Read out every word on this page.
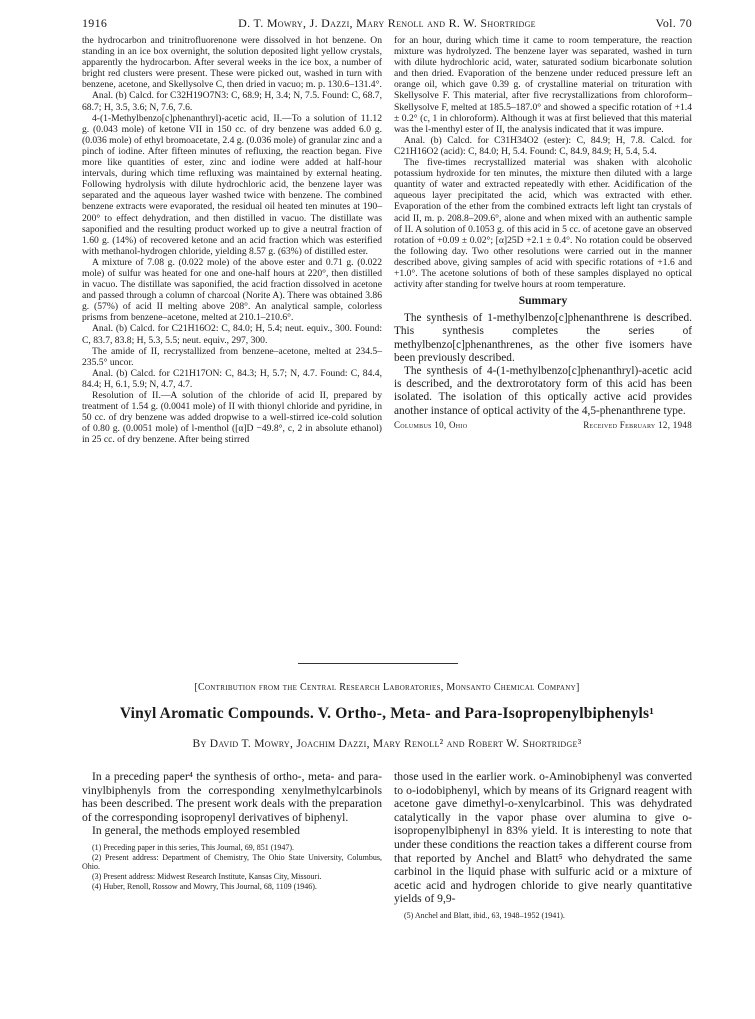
1916	D. T. Mowry, J. Dazzi, Mary Renoll and R. W. Shortridge	Vol. 70

the hydrocarbon and trinitrofluorenone were dissolved in hot benzene. On standing in an ice box overnight, the solution deposited light yellow crystals, apparently the hydrocarbon. After several weeks in the ice box, a number of bright red clusters were present. These were picked out, washed in turn with benzene, acetone, and Skellysolve C, then dried in vacuo; m. p. 130.6–131.4°.

Anal. (b) Calcd. for C32H19O7N3: C, 68.9; H, 3.4; N, 7.5. Found: C, 68.7, 68.7; H, 3.5, 3.6; N, 7.6, 7.6.

4-(1-Methylbenzo[c]phenanthryl)-acetic acid, II.—To a solution of 11.12 g. (0.043 mole) of ketone VII in 150 cc. of dry benzene was added 6.0 g. (0.036 mole) of ethyl bromoacetate, 2.4 g. (0.036 mole) of granular zinc and a pinch of iodine. After fifteen minutes of refluxing, the reaction began. Five more like quantities of ester, zinc and iodine were added at half-hour intervals, during which time refluxing was maintained by external heating. Following hydrolysis with dilute hydrochloric acid, the benzene layer was separated and the aqueous layer washed twice with benzene. The combined benzene extracts were evaporated, the residual oil heated ten minutes at 190–200° to effect dehydration, and then distilled in vacuo. The distillate was saponified and the resulting product worked up to give a neutral fraction of 1.60 g. (14%) of recovered ketone and an acid fraction which was esterified with methanol-hydrogen chloride, yielding 8.57 g. (63%) of distilled ester.

A mixture of 7.08 g. (0.022 mole) of the above ester and 0.71 g. (0.022 mole) of sulfur was heated for one and one-half hours at 220°, then distilled in vacuo. The distillate was saponified, the acid fraction dissolved in acetone and passed through a column of charcoal (Norite A). There was obtained 3.86 g. (57%) of acid II melting above 208°. An analytical sample, colorless prisms from benzene–acetone, melted at 210.1–210.6°.

Anal. (b) Calcd. for C21H16O2: C, 84.0; H, 5.4; neut. equiv., 300. Found: C, 83.7, 83.8; H, 5.3, 5.5; neut. equiv., 297, 300.

The amide of II, recrystallized from benzene–acetone, melted at 234.5–235.5° uncor.

Anal. (b) Calcd. for C21H17ON: C, 84.3; H, 5.7; N, 4.7. Found: C, 84.4, 84.4; H, 6.1, 5.9; N, 4.7, 4.7.

Resolution of II.—A solution of the chloride of acid II, prepared by treatment of 1.54 g. (0.0041 mole) of II with thionyl chloride and pyridine, in 50 cc. of dry benzene was added dropwise to a well-stirred ice-cold solution of 0.80 g. (0.0051 mole) of l-menthol ([α]D −49.8°, c, 2 in absolute ethanol) in 25 cc. of dry benzene. After being stirred

for an hour, during which time it came to room temperature, the reaction mixture was hydrolyzed. The benzene layer was separated, washed in turn with dilute hydrochloric acid, water, saturated sodium bicarbonate solution and then dried. Evaporation of the benzene under reduced pressure left an orange oil, which gave 0.39 g. of crystalline material on trituration with Skellysolve F. This material, after five recrystallizations from chloroform–Skellysolve F, melted at 185.5–187.0° and showed a specific rotation of +1.4 ± 0.2° (c, 1 in chloroform). Although it was at first believed that this material was the l-menthyl ester of II, the analysis indicated that it was impure.

Anal. (b) Calcd. for C31H34O2 (ester): C, 84.9; H, 7.8. Calcd. for C21H16O2 (acid): C, 84.0; H, 5.4. Found: C, 84.9, 84.9; H, 5.4, 5.4.

The five-times recrystallized material was shaken with alcoholic potassium hydroxide for ten minutes, the mixture then diluted with a large quantity of water and extracted repeatedly with ether. Acidification of the aqueous layer precipitated the acid, which was extracted with ether. Evaporation of the ether from the combined extracts left light tan crystals of acid II, m. p. 208.8–209.6°, alone and when mixed with an authentic sample of II. A solution of 0.1053 g. of this acid in 5 cc. of acetone gave an observed rotation of +0.09 ± 0.02°; [α]25D +2.1 ± 0.4°. No rotation could be observed the following day. Two other resolutions were carried out in the manner described above, giving samples of acid with specific rotations of +1.6 and +1.0°. The acetone solutions of both of these samples displayed no optical activity after standing for twelve hours at room temperature.

Summary

The synthesis of 1-methylbenzo[c]phenanthrene is described. This synthesis completes the series of methylbenzo[c]phenanthrenes, as the other five isomers have been previously described.

The synthesis of 4-(1-methylbenzo[c]phenanthryl)-acetic acid is described, and the dextrorotatory form of this acid has been isolated. The isolation of this optically active acid provides another instance of optical activity of the 4,5-phenanthrene type.

Columbus 10, Ohio	Received February 12, 1948
[Contribution from the Central Research Laboratories, Monsanto Chemical Company]
Vinyl Aromatic Compounds. V. Ortho-, Meta- and Para-Isopropenylbiphenyls¹
By David T. Mowry, Joachim Dazzi, Mary Renoll² and Robert W. Shortridge³

In a preceding paper⁴ the synthesis of ortho-, meta- and para-vinylbiphenyls from the corresponding xenylmethylcarbinols has been described. The present work deals with the preparation of the corresponding isopropenyl derivatives of biphenyl.

In general, the methods employed resembled

(1) Preceding paper in this series, This Journal, 69, 851 (1947).
(2) Present address: Department of Chemistry, The Ohio State University, Columbus, Ohio.
(3) Present address: Midwest Research Institute, Kansas City, Missouri.
(4) Huber, Renoll, Rossow and Mowry, This Journal, 68, 1109 (1946).

those used in the earlier work. o-Aminobiphenyl was converted to o-iodobiphenyl, which by means of its Grignard reagent with acetone gave dimethyl-o-xenylcarbinol. This was dehydrated catalytically in the vapor phase over alumina to give o-isopropenylbiphenyl in 83% yield. It is interesting to note that under these conditions the reaction takes a different course from that reported by Anchel and Blatt⁵ who dehydrated the same carbinol in the liquid phase with sulfuric acid or a mixture of acetic acid and hydrogen chloride to give nearly quantitative yields of 9,9-

(5) Anchel and Blatt, ibid., 63, 1948–1952 (1941).
